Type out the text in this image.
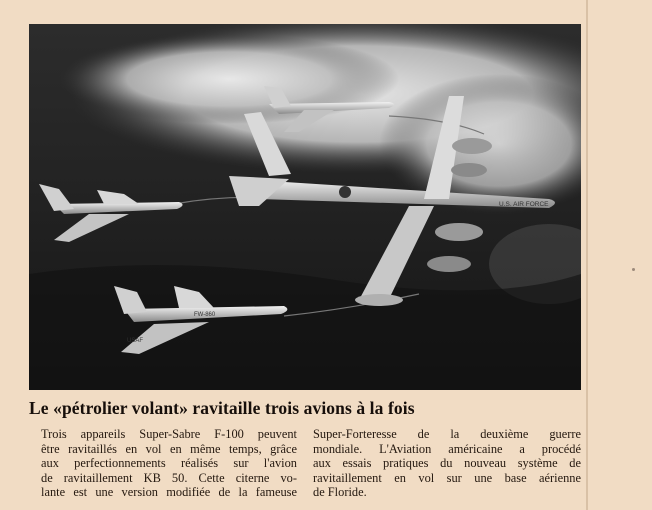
U.S. AIR FORCE
FW-860
USAF
Le «pétrolier volant» ravitaille trois avions à la fois
Trois appareils Super-Sabre F-100 peuvent
être ravitaillés en vol en même temps, grâce
aux perfectionnements réalisés sur l'avion
de ravitaillement KB 50. Cette citerne vo-
lante est une version modifiée de la fameuse
Super-Forteresse de la deuxième guerre
mondiale. L'Aviation américaine a procédé
aux essais pratiques du nouveau système de
ravitaillement en vol sur une base aérienne
de Floride.
